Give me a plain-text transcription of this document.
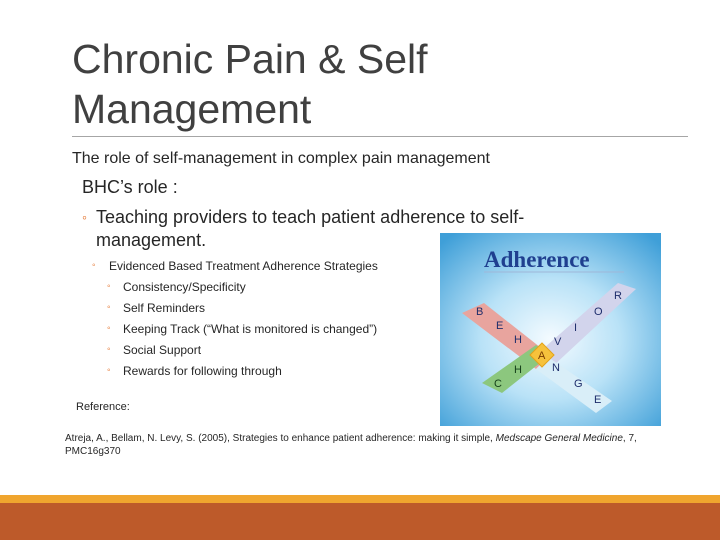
Chronic Pain & Self
Management
The role of self-management in complex pain management
BHC’s role :
◦ Teaching providers to teach patient adherence to self-management.
◦ Evidenced Based Treatment Adherence Strategies
◦ Consistency/Specificity
◦ Self Reminders
◦ Keeping Track (“What is monitored is changed”)
◦ Social Support
◦ Rewards for following through
Adherence
B
E
H
A
V
I
O
R
C
H	N
G
E
Reference:
Atreja, A., Bellam, N. Levy, S. (2005), Strategies to enhance patient adherence: making it simple, Medscape General Medicine, 7, PMC16g370
